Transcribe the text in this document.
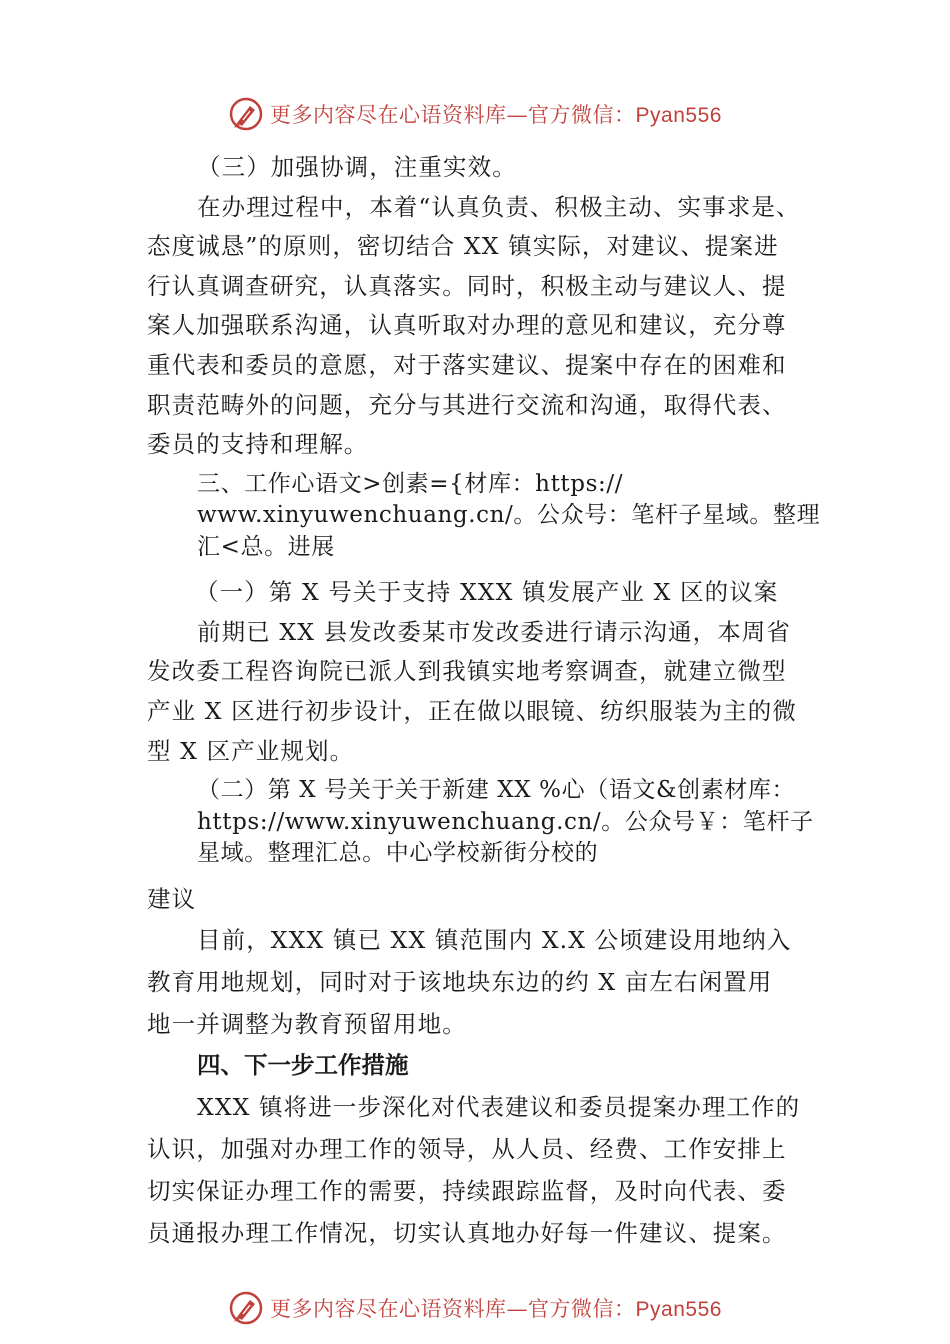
更多内容尽在心语资料库—官方微信：Pyan556
（三）加强协调，注重实效。
在办理过程中，本着“认真负责、积极主动、实事求是、
态度诚恳”的原则，密切结合 XX 镇实际，对建议、提案进
行认真调查研究，认真落实。同时，积极主动与建议人、提
案人加强联系沟通，认真听取对办理的意见和建议，充分尊
重代表和委员的意愿，对于落实建议、提案中存在的困难和
职责范畴外的问题，充分与其进行交流和沟通，取得代表、
委员的支持和理解。
三、工作心语文>创素={材库：https://
www.xinyuwenchuang.cn/。公众号：笔杆子星域。整理
汇<总。进展
（一）第 X 号关于支持 XXX 镇发展产业 X 区的议案
前期已 XX 县发改委某市发改委进行请示沟通，本周省
发改委工程咨询院已派人到我镇实地考察调查，就建立微型
产业 X 区进行初步设计，正在做以眼镜、纺织服装为主的微
型 X 区产业规划。
（二）第 X 号关于关于新建 XX %心（语文&创素材库：
https://www.xinyuwenchuang.cn/。公众号￥：笔杆子
星域。整理汇总。中心学校新街分校的
建议
目前，XXX 镇已 XX 镇范围内 X.X 公顷建设用地纳入
教育用地规划，同时对于该地块东边的约 X 亩左右闲置用
地一并调整为教育预留用地。
四、下一步工作措施
XXX 镇将进一步深化对代表建议和委员提案办理工作的
认识，加强对办理工作的领导，从人员、经费、工作安排上
切实保证办理工作的需要，持续跟踪监督，及时向代表、委
员通报办理工作情况，切实认真地办好每一件建议、提案。
更多内容尽在心语资料库—官方微信：Pyan556
